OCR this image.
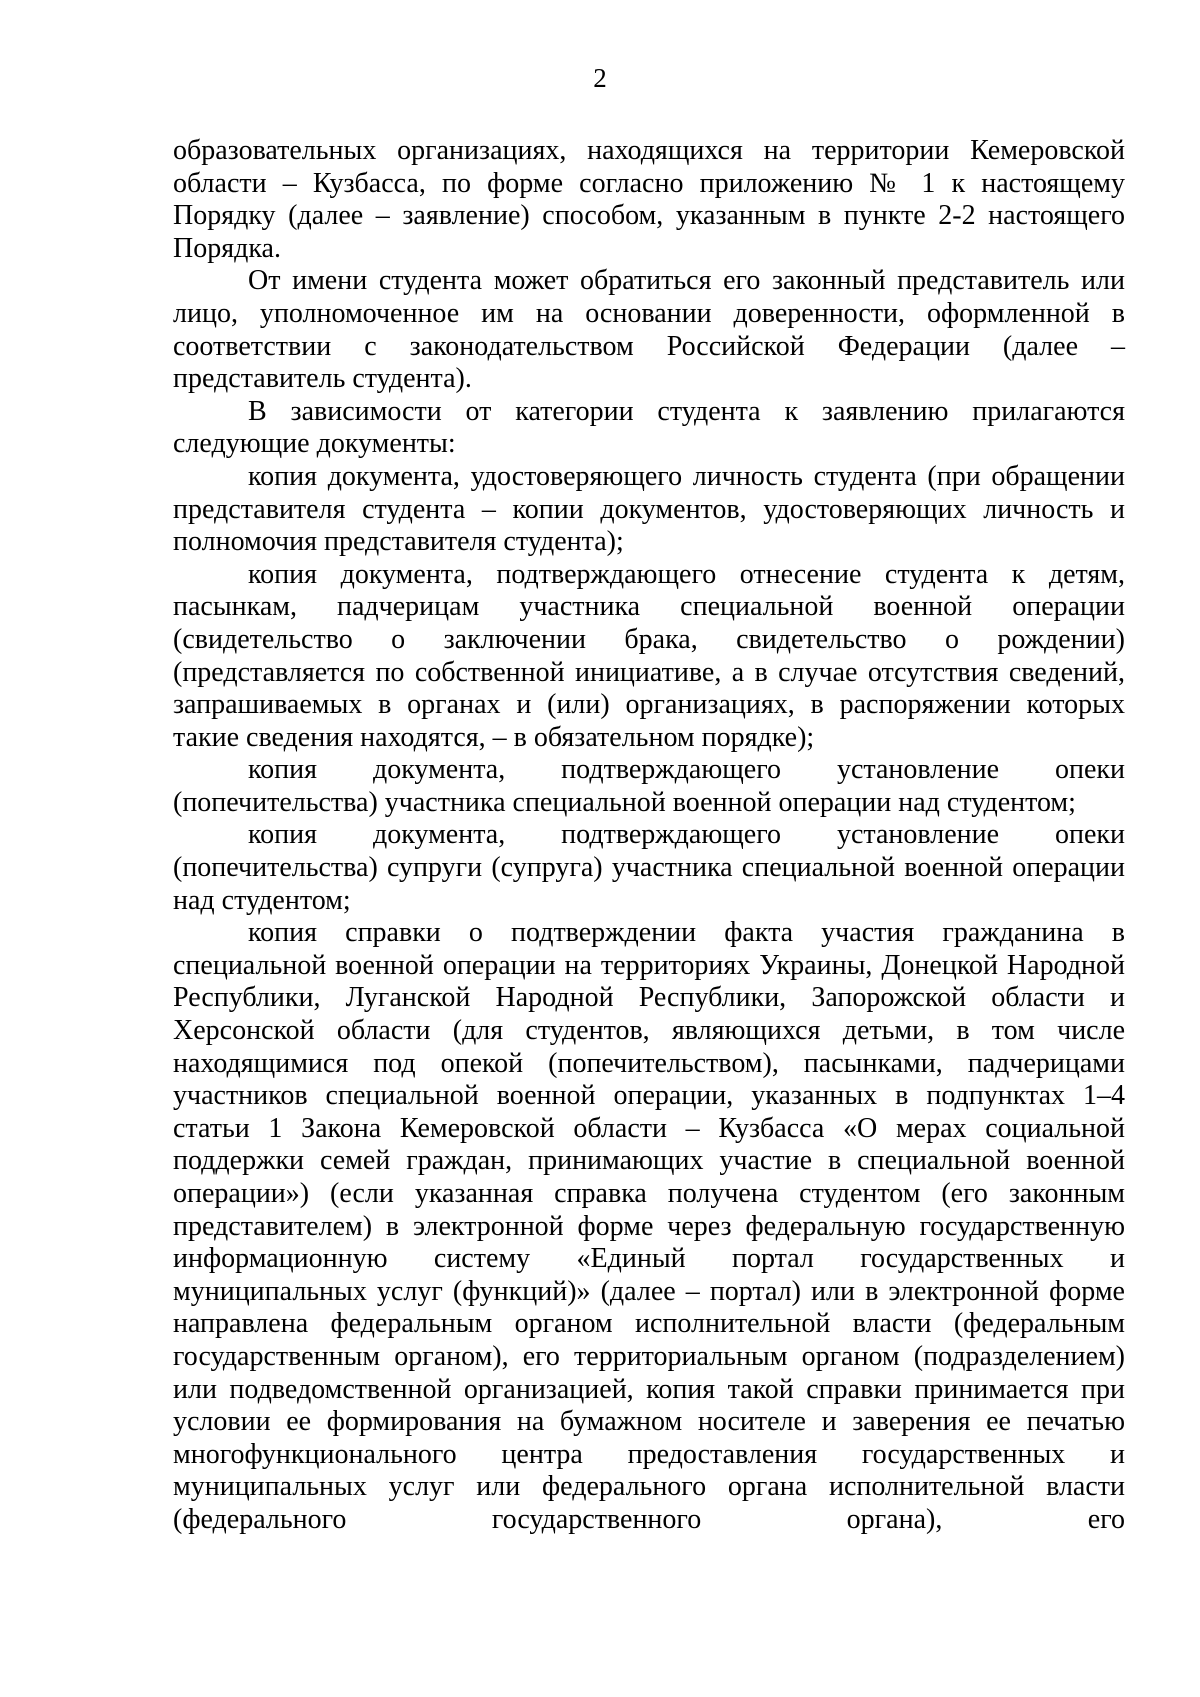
2

образовательных организациях, находящихся на территории Кемеровской области – Кузбасса, по форме согласно приложению № 1 к настоящему Порядку (далее – заявление) способом, указанным в пункте 2-2 настоящего Порядка.

От имени студента может обратиться его законный представитель или лицо, уполномоченное им на основании доверенности, оформленной в соответствии с законодательством Российской Федерации (далее – представитель студента).

В зависимости от категории студента к заявлению прилагаются следующие документы:

копия документа, удостоверяющего личность студента (при обращении представителя студента – копии документов, удостоверяющих личность и полномочия представителя студента);

копия документа, подтверждающего отнесение студента к детям, пасынкам, падчерицам участника специальной военной операции (свидетельство о заключении брака, свидетельство о рождении) (представляется по собственной инициативе, а в случае отсутствия сведений, запрашиваемых в органах и (или) организациях, в распоряжении которых такие сведения находятся, – в обязательном порядке);

копия документа, подтверждающего установление опеки (попечительства) участника специальной военной операции над студентом;

копия документа, подтверждающего установление опеки (попечительства) супруги (супруга) участника специальной военной операции над студентом;

копия справки о подтверждении факта участия гражданина в специальной военной операции на территориях Украины, Донецкой Народной Республики, Луганской Народной Республики, Запорожской области и Херсонской области (для студентов, являющихся детьми, в том числе находящимися под опекой (попечительством), пасынками, падчерицами участников специальной военной операции, указанных в подпунктах 1–4 статьи 1 Закона Кемеровской области – Кузбасса «О мерах социальной поддержки семей граждан, принимающих участие в специальной военной операции») (если указанная справка получена студентом (его законным представителем) в электронной форме через федеральную государственную информационную систему «Единый портал государственных и муниципальных услуг (функций)» (далее – портал) или в электронной форме направлена федеральным органом исполнительной власти (федеральным государственным органом), его территориальным органом (подразделением) или подведомственной организацией, копия такой справки принимается при условии ее формирования на бумажном носителе и заверения ее печатью многофункционального центра предоставления государственных и муниципальных услуг или федерального органа исполнительной власти (федерального государственного органа), его
